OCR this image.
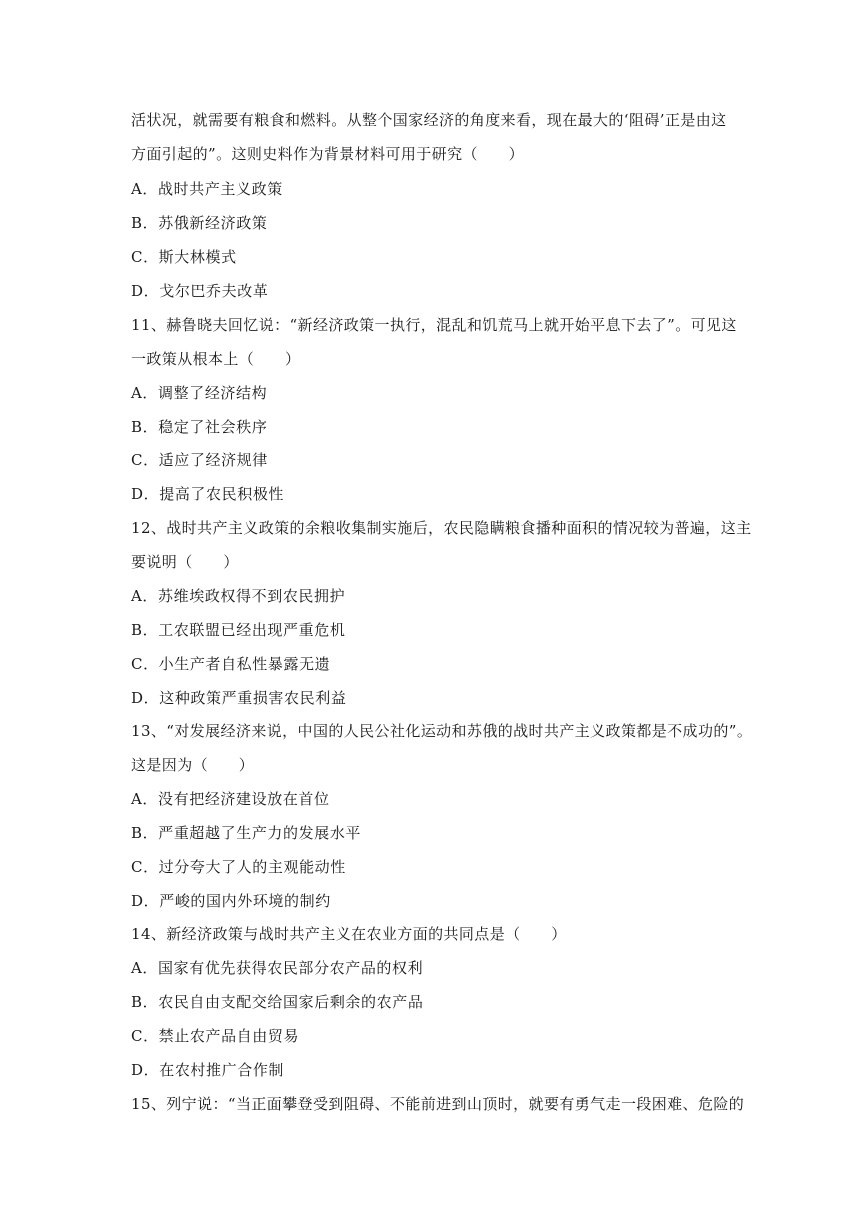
活状况，就需要有粮食和燃料。从整个国家经济的角度来看，现在最大的‘阻碍’正是由这
方面引起的”。这则史料作为背景材料可用于研究（　　）
A．战时共产主义政策
B．苏俄新经济政策
C．斯大林模式
D．戈尔巴乔夫改革
11、赫鲁晓夫回忆说：“新经济政策一执行，混乱和饥荒马上就开始平息下去了”。可见这
一政策从根本上（　　）
A．调整了经济结构
B．稳定了社会秩序
C．适应了经济规律
D．提高了农民积极性
12、战时共产主义政策的余粮收集制实施后，农民隐瞒粮食播种面积的情况较为普遍，这主
要说明（　　）
A．苏维埃政权得不到农民拥护
B．工农联盟已经出现严重危机
C．小生产者自私性暴露无遗
D．这种政策严重损害农民利益
13、“对发展经济来说，中国的人民公社化运动和苏俄的战时共产主义政策都是不成功的”。
这是因为（　　）
A．没有把经济建设放在首位
B．严重超越了生产力的发展水平
C．过分夸大了人的主观能动性
D．严峻的国内外环境的制约
14、新经济政策与战时共产主义在农业方面的共同点是（　　）
A．国家有优先获得农民部分农产品的权利
B．农民自由支配交给国家后剩余的农产品
C．禁止农产品自由贸易
D．在农村推广合作制
15、列宁说：“当正面攀登受到阻碍、不能前进到山顶时，就要有勇气走一段困难、危险的
